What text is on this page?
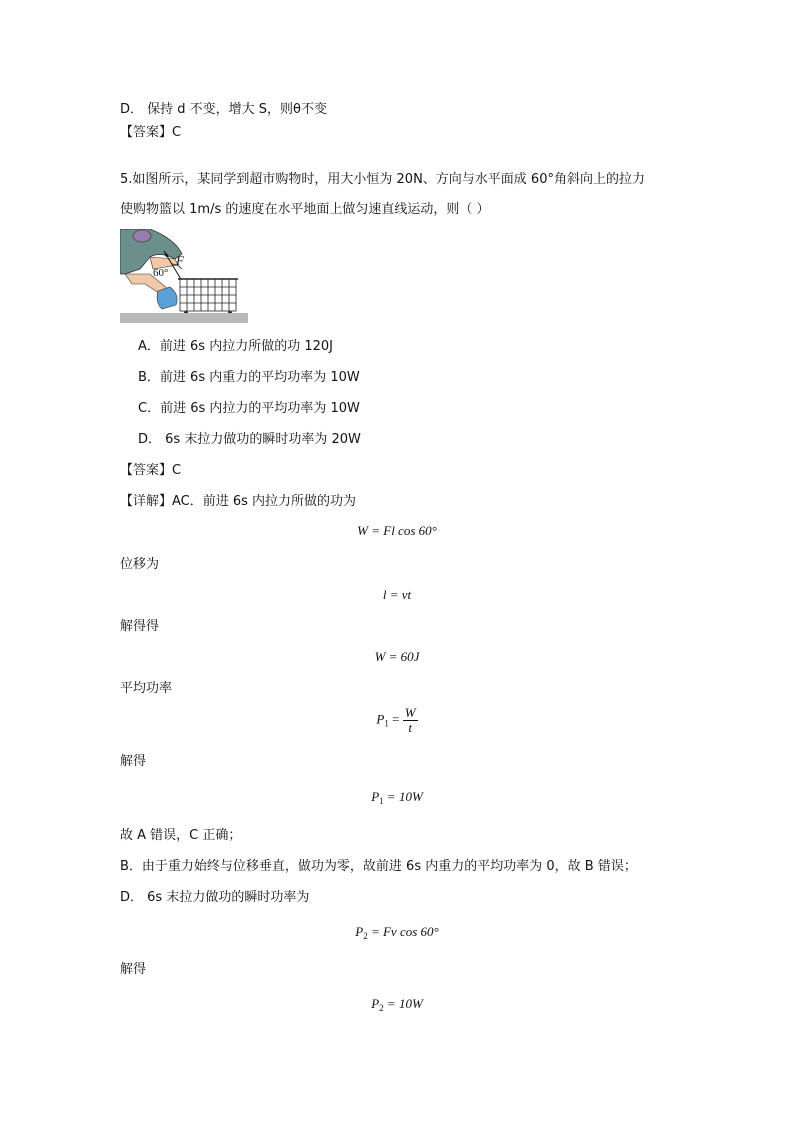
D． 保持 d 不变，增大 S，则θ不变
【答案】C
5.如图所示，某同学到超市购物时，用大小恒为 20N、方向与水平面成 60°角斜向上的拉力
使购物篮以 1m/s 的速度在水平地面上做匀速直线运动，则（ ）
F
60°
A．前进 6s 内拉力所做的功 120J
B．前进 6s 内重力的平均功率为 10W
C．前进 6s 内拉力的平均功率为 10W
D． 6s 末拉力做功的瞬时功率为 20W
【答案】C
【详解】AC．前进 6s 内拉力所做的功为
W = Fl cos 60°
位移为
l = vt
解得得
W = 60J
平均功率
$P_1 = \frac{W}{t}$
解得
$P_1 = 10W$
故 A 错误，C 正确；
B．由于重力始终与位移垂直，做功为零，故前进 6s 内重力的平均功率为 0，故 B 错误；
D． 6s 末拉力做功的瞬时功率为
$P_2 = Fv$ cos 60°
解得
$P_2 = 10W$
